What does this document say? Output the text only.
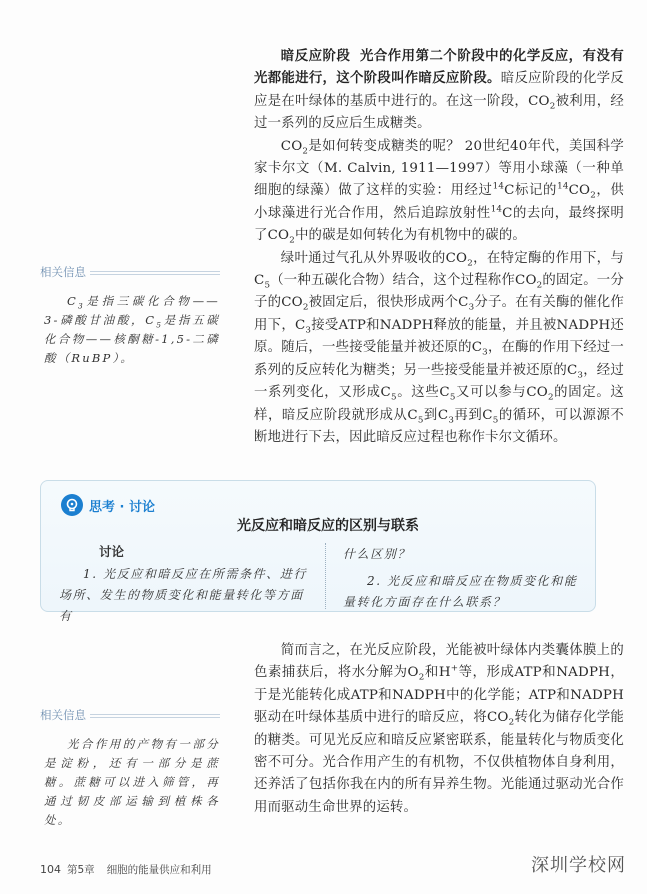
暗反应阶段 光合作用第二个阶段中的化学反应，有没有光都能进行，这个阶段叫作暗反应阶段。暗反应阶段的化学反应是在叶绿体的基质中进行的。在这一阶段，$CO_2$被利用，经过一系列的反应后生成糖类。

$CO_2$是如何转变成糖类的呢？ 20世纪40年代，美国科学家卡尔文（M. Calvin, 1911—1997）等用小球藻（一种单细胞的绿藻）做了这样的实验：用经过$^{14}$C标记的$^{14}CO_2$，供小球藻进行光合作用，然后追踪放射性$^{14}$C的去向，最终探明了$CO_2$中的碳是如何转化为有机物中的碳的。

绿叶通过气孔从外界吸收的$CO_2$，在特定酶的作用下，与$C_5$（一种五碳化合物）结合，这个过程称作$CO_2$的固定。一分子的$CO_2$被固定后，很快形成两个$C_3$分子。在有关酶的催化作用下，$C_3$接受ATP和NADPH释放的能量，并且被NADPH还原。随后，一些接受能量并被还原的$C_3$，在酶的作用下经过一系列的反应转化为糖类；另一些接受能量并被还原的$C_3$，经过一系列变化，又形成$C_5$。这些$C_5$又可以参与$CO_2$的固定。这样，暗反应阶段就形成从$C_5$到$C_3$再到$C_5$的循环，可以源源不断地进行下去，因此暗反应过程也称作卡尔文循环。

相关信息

$C_3$是指三碳化合物——3-磷酸甘油酸，$C_5$是指五碳化合物——核酮糖-1,5-二磷酸（RuBP）。

思考 · 讨论
光反应和暗反应的区别与联系
讨论

1. 光反应和暗反应在所需条件、进行场所、发生的物质变化和能量转化等方面有

什么区别？

2. 光反应和暗反应在物质变化和能量转化方面存在什么联系？

简而言之，在光反应阶段，光能被叶绿体内类囊体膜上的色素捕获后，将水分解为$O_2$和H+等，形成ATP和NADPH，于是光能转化成ATP和NADPH中的化学能；ATP和NADPH驱动在叶绿体基质中进行的暗反应，将$CO_2$转化为储存化学能的糖类。可见光反应和暗反应紧密联系，能量转化与物质变化密不可分。光合作用产生的有机物，不仅供植物体自身利用，还养活了包括你我在内的所有异养生物。光能通过驱动光合作用而驱动生命世界的运转。

相关信息

光合作用的产物有一部分是淀粉，还有一部分是蔗糖。蔗糖可以进入筛管，再通过韧皮部运输到植株各处。

104 第5章 细胞的能量供应和利用	深圳学校网
